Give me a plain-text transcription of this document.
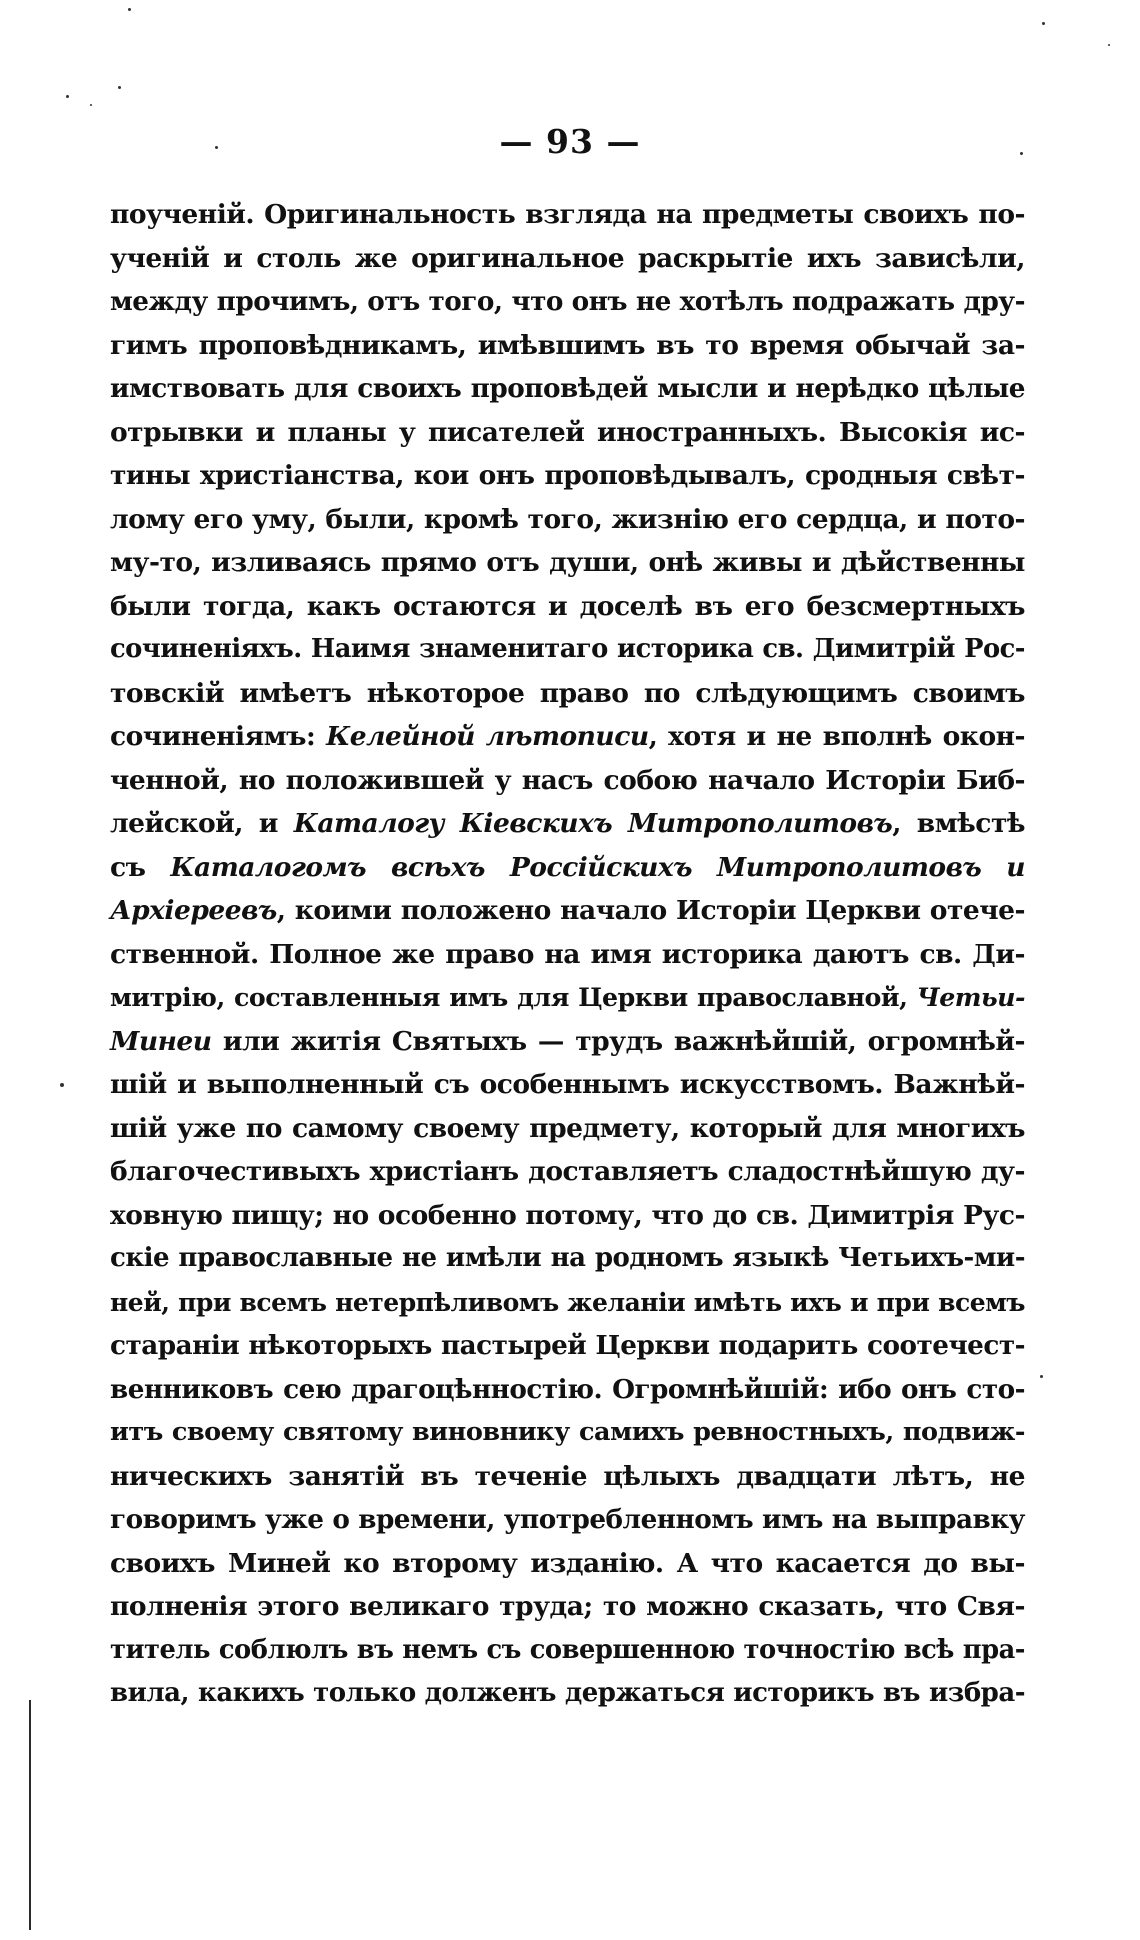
— 93 —
поученій. Оригинальность взгляда на предметы своихъ по-
ученій и столь же оригинальное раскрытіе ихъ зависѣли,
между прочимъ, отъ того, что онъ не хотѣлъ подражать дру-
гимъ проповѣдникамъ, имѣвшимъ въ то время обычай за-
имствовать для своихъ проповѣдей мысли и нерѣдко цѣлые
отрывки и планы у писателей иностранныхъ. Высокія ис-
тины христіанства, кои онъ проповѣдывалъ, сродныя свѣт-
лому его уму, были, кромѣ того, жизнію его сердца, и пото-
му-то, изливаясь прямо отъ души, онѣ живы и дѣйственны
были тогда, какъ остаются и доселѣ въ его безсмертныхъ
сочиненіяхъ. Наимя знаменитаго историка св. Димитрій Рос-
товскій имѣетъ нѣкоторое право по слѣдующимъ своимъ
сочиненіямъ: Келейной лѣтописи, хотя и не вполнѣ окон-
ченной, но положившей у насъ собою начало Исторіи Биб-
лейской, и Каталогу Кіевскихъ Митрополитовъ, вмѣстѣ
съ Каталогомъ всѣхъ Россійскихъ Митрополитовъ и
Архіереевъ, коими положено начало Исторіи Церкви отече-
ственной. Полное же право на имя историка даютъ св. Ди-
митрію, составленныя имъ для Церкви православной, Четьи-
Минеи или житія Святыхъ — трудъ важнѣйшій, огромнѣй-
шій и выполненный съ особеннымъ искусствомъ. Важнѣй-
шій уже по самому своему предмету, который для многихъ
благочестивыхъ христіанъ доставляетъ сладостнѣйшую ду-
ховную пищу; но особенно потому, что до св. Димитрія Рус-
скіе православные не имѣли на родномъ языкѣ Четьихъ-ми-
ней, при всемъ нетерпѣливомъ желаніи имѣть ихъ и при всемъ
стараніи нѣкоторыхъ пастырей Церкви подарить соотечест-
венниковъ сею драгоцѣнностію. Огромнѣйшій: ибо онъ сто-
итъ своему святому виновнику самихъ ревностныхъ, подвиж-
ническихъ занятій въ теченіе цѣлыхъ двадцати лѣтъ, не
говоримъ уже о времени, употребленномъ имъ на выправку
своихъ Миней ко второму изданію. А что касается до вы-
полненія этого великаго труда; то можно сказать, что Свя-
титель соблюлъ въ немъ съ совершенною точностію всѣ пра-
вила, какихъ только долженъ держаться историкъ въ избра-
